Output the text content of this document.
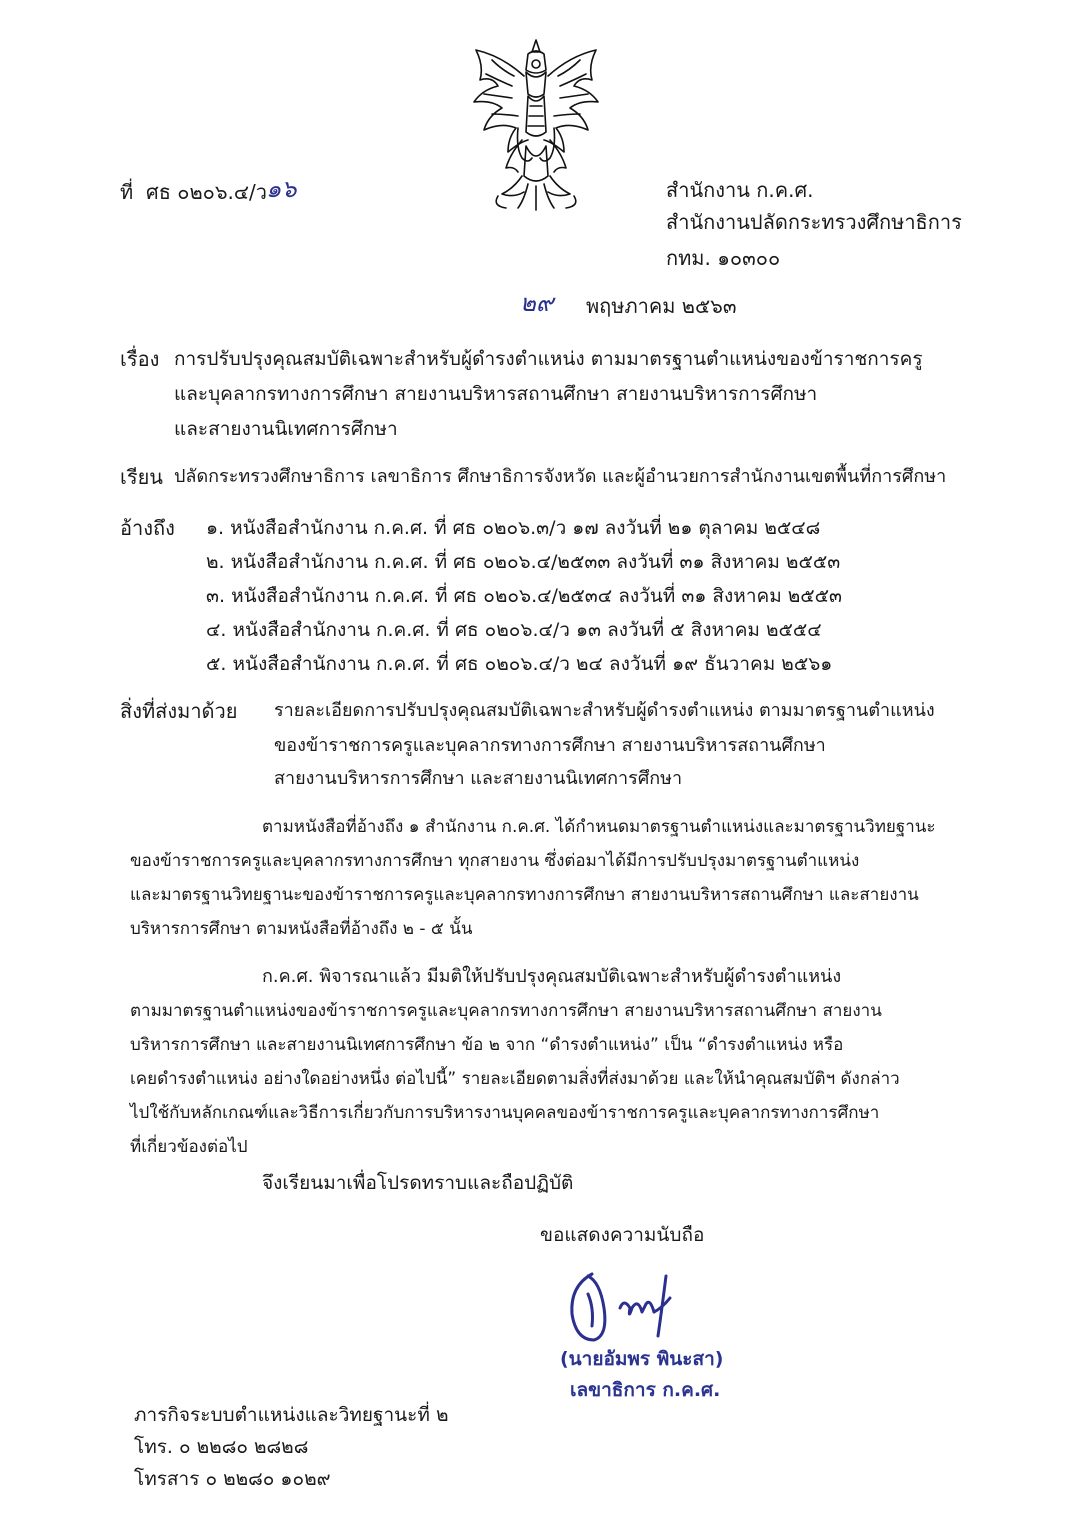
ที่ ศธ ๐๒๐๖.๔/ว
๑๖	สำนักงาน ก.ค.ศ.
สำนักงานปลัดกระทรวงศึกษาธิการ
กทม. ๑๐๓๐๐
๒๙ พฤษภาคม ๒๕๖๓
เรื่อง การปรับปรุงคุณสมบัติเฉพาะสำหรับผู้ดำรงตำแหน่ง ตามมาตรฐานตำแหน่งของข้าราชการครู
และบุคลากรทางการศึกษา สายงานบริหารสถานศึกษา สายงานบริหารการศึกษา
และสายงานนิเทศการศึกษา
เรียน ปลัดกระทรวงศึกษาธิการ เลขาธิการ ศึกษาธิการจังหวัด และผู้อำนวยการสำนักงานเขตพื้นที่การศึกษา
อ้างถึง ๑. หนังสือสำนักงาน ก.ค.ศ. ที่ ศธ ๐๒๐๖.๓/ว ๑๗ ลงวันที่ ๒๑ ตุลาคม ๒๕๔๘
๒. หนังสือสำนักงาน ก.ค.ศ. ที่ ศธ ๐๒๐๖.๔/๒๕๓๓ ลงวันที่ ๓๑ สิงหาคม ๒๕๕๓
๓. หนังสือสำนักงาน ก.ค.ศ. ที่ ศธ ๐๒๐๖.๔/๒๕๓๔ ลงวันที่ ๓๑ สิงหาคม ๒๕๕๓
๔. หนังสือสำนักงาน ก.ค.ศ. ที่ ศธ ๐๒๐๖.๔/ว ๑๓ ลงวันที่ ๕ สิงหาคม ๒๕๕๔
๕. หนังสือสำนักงาน ก.ค.ศ. ที่ ศธ ๐๒๐๖.๔/ว ๒๔ ลงวันที่ ๑๙ ธันวาคม ๒๕๖๑
สิ่งที่ส่งมาด้วย รายละเอียดการปรับปรุงคุณสมบัติเฉพาะสำหรับผู้ดำรงตำแหน่ง ตามมาตรฐานตำแหน่ง
ของข้าราชการครูและบุคลากรทางการศึกษา สายงานบริหารสถานศึกษา
สายงานบริหารการศึกษา และสายงานนิเทศการศึกษา
ตามหนังสือที่อ้างถึง ๑ สำนักงาน ก.ค.ศ. ได้กำหนดมาตรฐานตำแหน่งและมาตรฐานวิทยฐานะ
ของข้าราชการครูและบุคลากรทางการศึกษา ทุกสายงาน ซึ่งต่อมาได้มีการปรับปรุงมาตรฐานตำแหน่ง
และมาตรฐานวิทยฐานะของข้าราชการครูและบุคลากรทางการศึกษา สายงานบริหารสถานศึกษา และสายงาน
บริหารการศึกษา ตามหนังสือที่อ้างถึง ๒ - ๕ นั้น
ก.ค.ศ. พิจารณาแล้ว มีมติให้ปรับปรุงคุณสมบัติเฉพาะสำหรับผู้ดำรงตำแหน่ง
ตามมาตรฐานตำแหน่งของข้าราชการครูและบุคลากรทางการศึกษา สายงานบริหารสถานศึกษา สายงาน
บริหารการศึกษา และสายงานนิเทศการศึกษา ข้อ ๒ จาก “ดำรงตำแหน่ง” เป็น “ดำรงตำแหน่ง หรือ
เคยดำรงตำแหน่ง อย่างใดอย่างหนึ่ง ต่อไปนี้” รายละเอียดตามสิ่งที่ส่งมาด้วย และให้นำคุณสมบัติฯ ดังกล่าว
ไปใช้กับหลักเกณฑ์และวิธีการเกี่ยวกับการบริหารงานบุคคลของข้าราชการครูและบุคลากรทางการศึกษา
ที่เกี่ยวข้องต่อไป
จึงเรียนมาเพื่อโปรดทราบและถือปฏิบัติ
ขอแสดงความนับถือ
(นายอัมพร พินะสา)
เลขาธิการ ก.ค.ศ.
ภารกิจระบบตำแหน่งและวิทยฐานะที่ ๒
โทร. ๐ ๒๒๘๐ ๒๘๒๘
โทรสาร ๐ ๒๒๘๐ ๑๐๒๙
